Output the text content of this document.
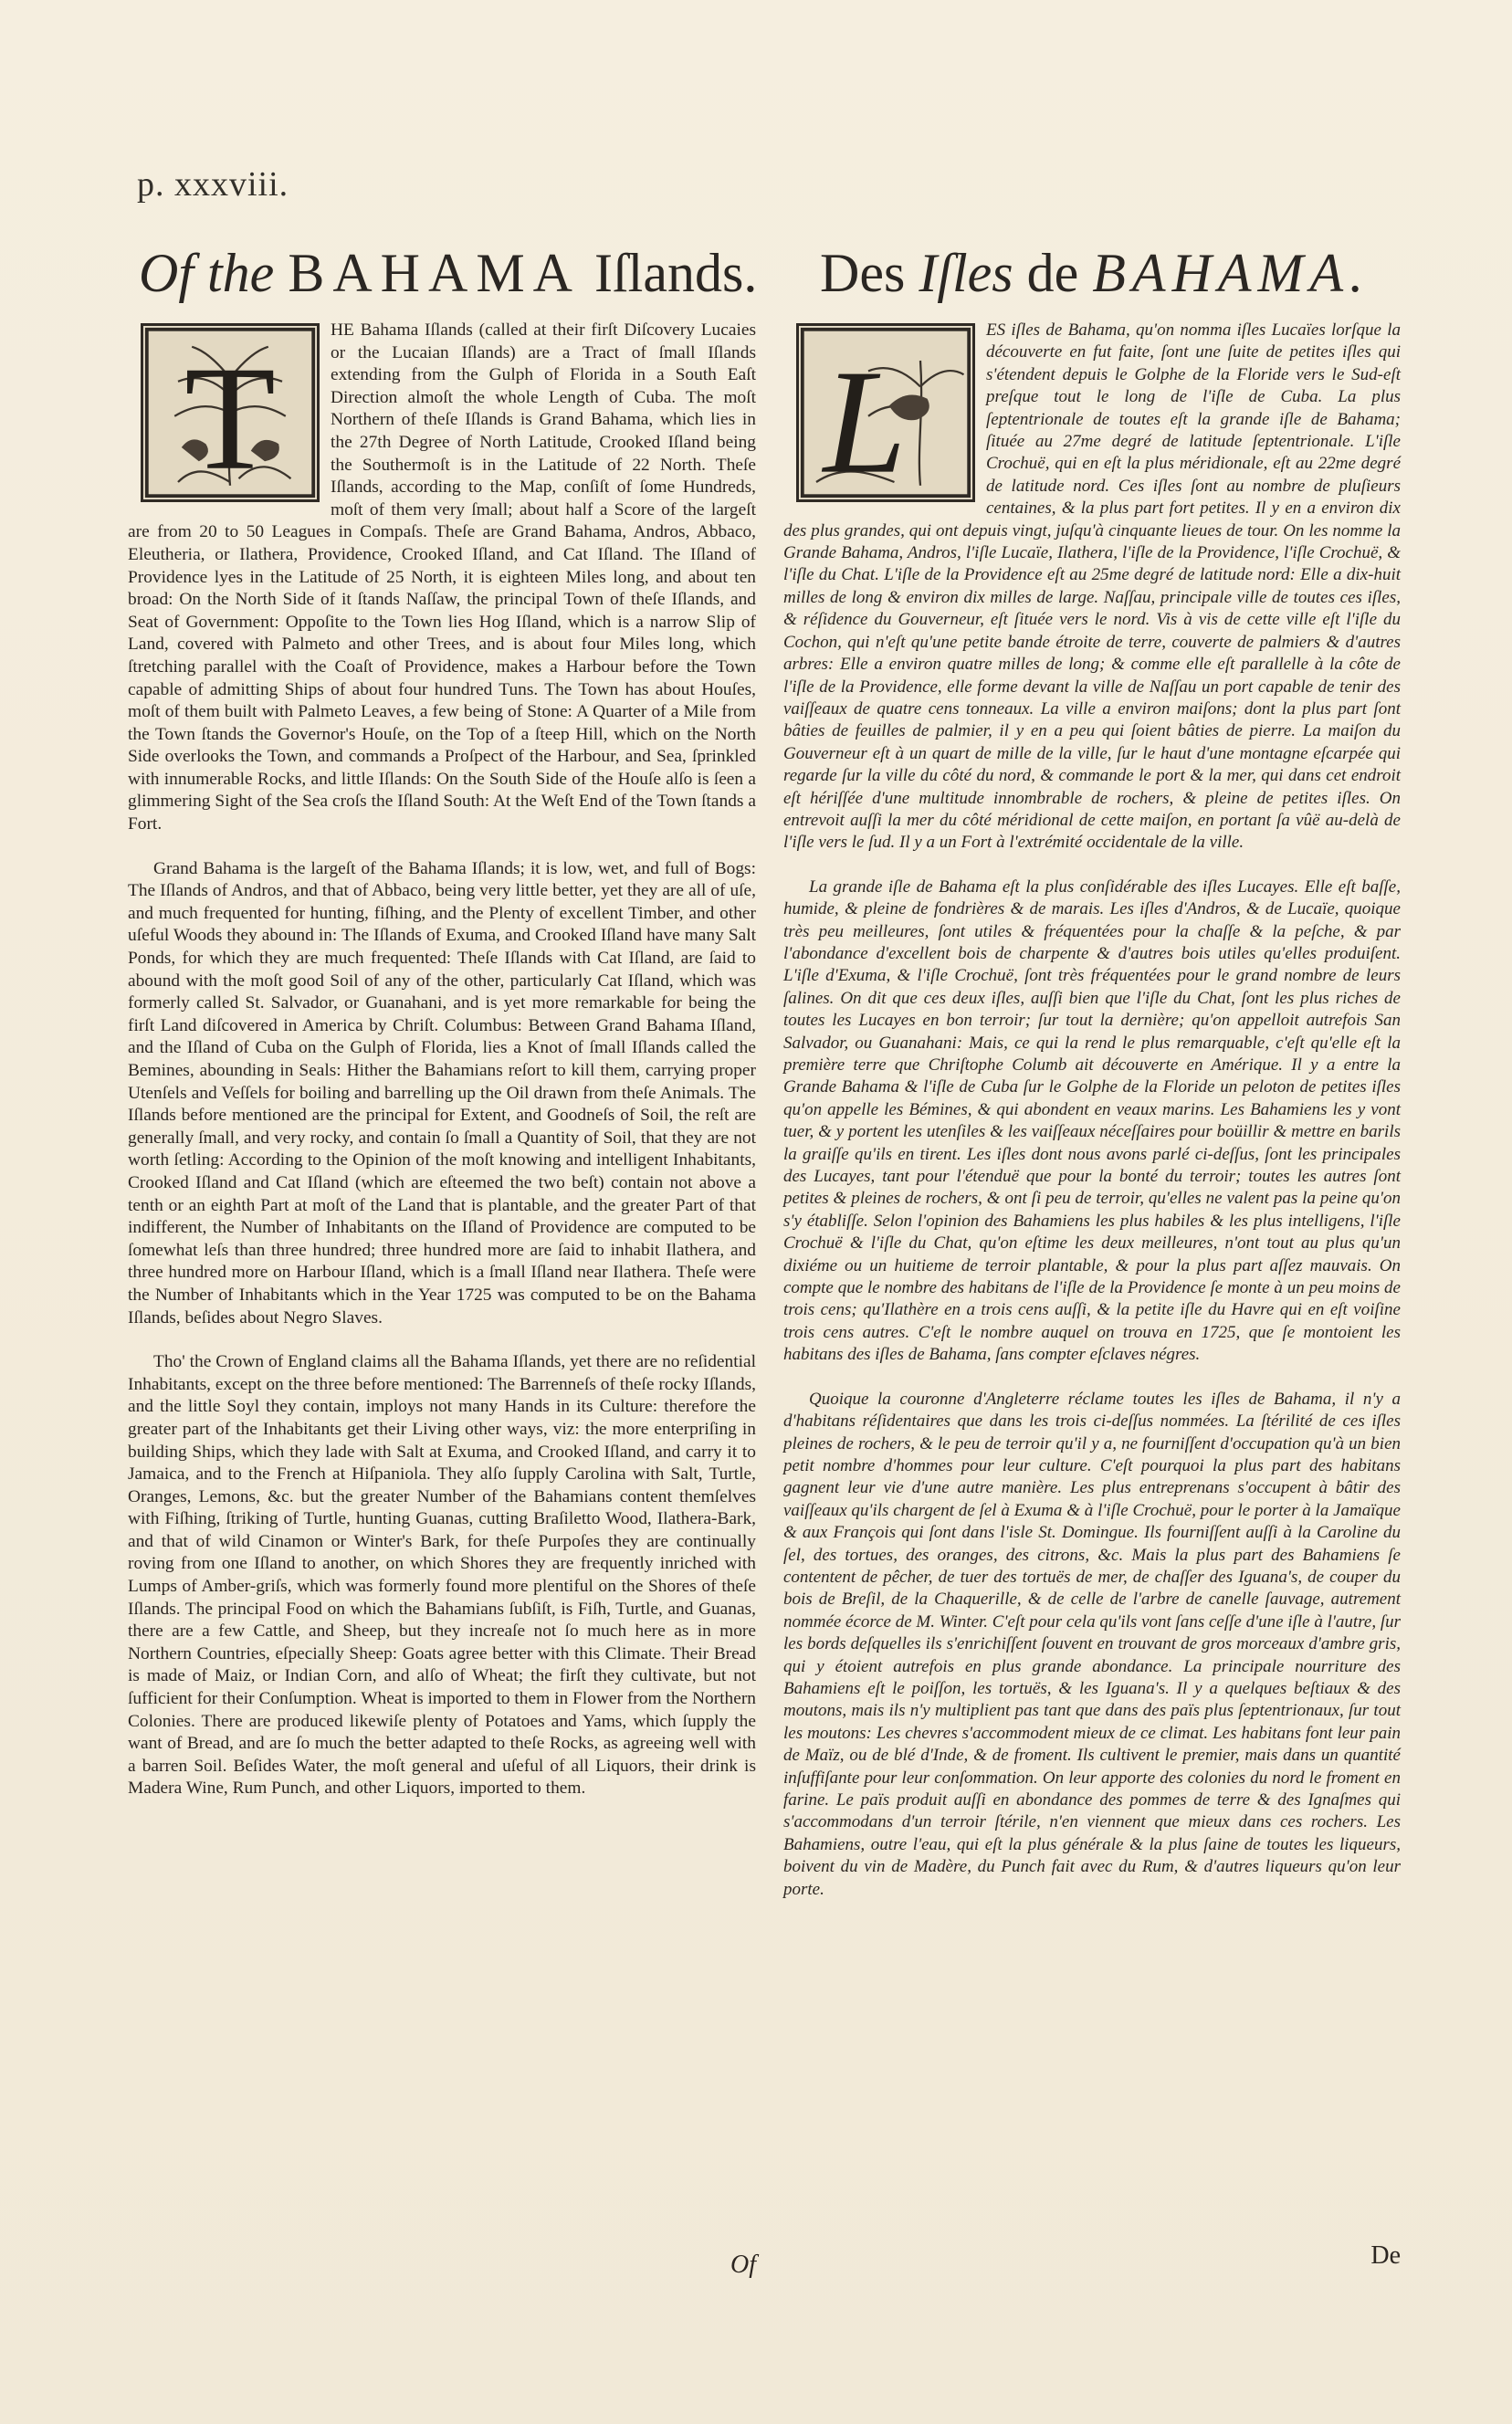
p. xxxviii.
Of the BAHAMA Iſlands.
T

HE Bahama Iſlands (called at their firſt Diſcovery Lucaies or the Lucaian Iſlands) are a Tract of ſmall Iſlands extending from the Gulph of Florida in a South Eaſt Direction almoſt the whole Length of Cuba. The moſt Northern of theſe Iſlands is Grand Bahama, which lies in the 27th Degree of North Latitude, Crooked Iſland being the Southermoſt is in the Latitude of 22 North. Theſe Iſlands, according to the Map, conſiſt of ſome Hundreds, moſt of them very ſmall; about half a Score of the largeſt are from 20 to 50 Leagues in Compaſs. Theſe are Grand Bahama, Andros, Abbaco, Eleutheria, or Ilathera, Providence, Crooked Iſland, and Cat Iſland. The Iſland of Providence lyes in the Latitude of 25 North, it is eighteen Miles long, and about ten broad: On the North Side of it ſtands Naſſaw, the principal Town of theſe Iſlands, and Seat of Government: Oppoſite to the Town lies Hog Iſland, which is a narrow Slip of Land, covered with Palmeto and other Trees, and is about four Miles long, which ſtretching parallel with the Coaſt of Providence, makes a Harbour before the Town capable of admitting Ships of about four hundred Tuns. The Town has about Houſes, moſt of them built with Palmeto Leaves, a few being of Stone: A Quarter of a Mile from the Town ſtands the Governor's Houſe, on the Top of a ſteep Hill, which on the North Side overlooks the Town, and commands a Proſpect of the Harbour, and Sea, ſprinkled with innumerable Rocks, and little Iſlands: On the South Side of the Houſe alſo is ſeen a glimmering Sight of the Sea croſs the Iſland South: At the Weſt End of the Town ſtands a Fort.

Grand Bahama is the largeſt of the Bahama Iſlands; it is low, wet, and full of Bogs: The Iſlands of Andros, and that of Abbaco, being very little better, yet they are all of uſe, and much frequented for hunting, fiſhing, and the Plenty of excellent Timber, and other uſeful Woods they abound in: The Iſlands of Exuma, and Crooked Iſland have many Salt Ponds, for which they are much frequented: Theſe Iſlands with Cat Iſland, are ſaid to abound with the moſt good Soil of any of the other, particularly Cat Iſland, which was formerly called St. Salvador, or Guanahani, and is yet more remarkable for being the firſt Land diſcovered in America by Chriſt. Columbus: Between Grand Bahama Iſland, and the Iſland of Cuba on the Gulph of Florida, lies a Knot of ſmall Iſlands called the Bemines, abounding in Seals: Hither the Bahamians reſort to kill them, carrying proper Utenſels and Veſſels for boiling and barrelling up the Oil drawn from theſe Animals. The Iſlands before mentioned are the principal for Extent, and Goodneſs of Soil, the reſt are generally ſmall, and very rocky, and contain ſo ſmall a Quantity of Soil, that they are not worth ſetling: According to the Opinion of the moſt knowing and intelligent Inhabitants, Crooked Iſland and Cat Iſland (which are eſteemed the two beſt) contain not above a tenth or an eighth Part at moſt of the Land that is plantable, and the greater Part of that indifferent, the Number of Inhabitants on the Iſland of Providence are computed to be ſomewhat leſs than three hundred; three hundred more are ſaid to inhabit Ilathera, and three hundred more on Harbour Iſland, which is a ſmall Iſland near Ilathera. Theſe were the Number of Inhabitants which in the Year 1725 was computed to be on the Bahama Iſlands, beſides about Negro Slaves.

Tho' the Crown of England claims all the Bahama Iſlands, yet there are no reſidential Inhabitants, except on the three before mentioned: The Barrenneſs of theſe rocky Iſlands, and the little Soyl they contain, imploys not many Hands in its Culture: therefore the greater part of the Inhabitants get their Living other ways, viz: the more enterpriſing in building Ships, which they lade with Salt at Exuma, and Crooked Iſland, and carry it to Jamaica, and to the French at Hiſpaniola. They alſo ſupply Carolina with Salt, Turtle, Oranges, Lemons, &c. but the greater Number of the Bahamians content themſelves with Fiſhing, ſtriking of Turtle, hunting Guanas, cutting Braſiletto Wood, Ilathera-Bark, and that of wild Cinamon or Winter's Bark, for theſe Purpoſes they are continually roving from one Iſland to another, on which Shores they are frequently inriched with Lumps of Amber-griſs, which was formerly found more plentiful on the Shores of theſe Iſlands. The principal Food on which the Bahamians ſubſiſt, is Fiſh, Turtle, and Guanas, there are a few Cattle, and Sheep, but they increaſe not ſo much here as in more Northern Countries, eſpecially Sheep: Goats agree better with this Climate. Their Bread is made of Maiz, or Indian Corn, and alſo of Wheat; the firſt they cultivate, but not ſufficient for their Conſumption. Wheat is imported to them in Flower from the Northern Colonies. There are produced likewiſe plenty of Potatoes and Yams, which ſupply the want of Bread, and are ſo much the better adapted to theſe Rocks, as agreeing well with a barren Soil. Beſides Water, the moſt general and uſeful of all Liquors, their drink is Madera Wine, Rum Punch, and other Liquors, imported to them.

Of
Des Iſles de BAHAMA.
L

ES iſles de Bahama, qu'on nomma iſles Lucaïes lorſque la découverte en fut faite, ſont une ſuite de petites iſles qui s'étendent depuis le Golphe de la Floride vers le Sud-eſt preſque tout le long de l'iſle de Cuba. La plus ſeptentrionale de toutes eſt la grande iſle de Bahama; ſituée au 27me degré de latitude ſeptentrionale. L'iſle Crochuë, qui en eſt la plus méridionale, eſt au 22me degré de latitude nord. Ces iſles ſont au nombre de pluſieurs centaines, & la plus part fort petites. Il y en a environ dix des plus grandes, qui ont depuis vingt, juſqu'à cinquante lieues de tour. On les nomme la Grande Bahama, Andros, l'iſle Lucaïe, Ilathera, l'iſle de la Providence, l'iſle Crochuë, & l'iſle du Chat. L'iſle de la Providence eſt au 25me degré de latitude nord: Elle a dix-huit milles de long & environ dix milles de large. Naſſau, principale ville de toutes ces iſles, & réſidence du Gouverneur, eſt ſituée vers le nord. Vis à vis de cette ville eſt l'iſle du Cochon, qui n'eſt qu'une petite bande étroite de terre, couverte de palmiers & d'autres arbres: Elle a environ quatre milles de long; & comme elle eſt parallelle à la côte de l'iſle de la Providence, elle forme devant la ville de Naſſau un port capable de tenir des vaiſſeaux de quatre cens tonneaux. La ville a environ maiſons; dont la plus part ſont bâties de feuilles de palmier, il y en a peu qui ſoient bâties de pierre. La maiſon du Gouverneur eſt à un quart de mille de la ville, ſur le haut d'une montagne eſcarpée qui regarde ſur la ville du côté du nord, & commande le port & la mer, qui dans cet endroit eſt hériſſée d'une multitude innombrable de rochers, & pleine de petites iſles. On entrevoit auſſi la mer du côté méridional de cette maiſon, en portant ſa vûë au-delà de l'iſle vers le ſud. Il y a un Fort à l'extrémité occidentale de la ville.

La grande iſle de Bahama eſt la plus conſidérable des iſles Lucayes. Elle eſt baſſe, humide, & pleine de fondrières & de marais. Les iſles d'Andros, & de Lucaïe, quoique très peu meilleures, ſont utiles & fréquentées pour la chaſſe & la peſche, & par l'abondance d'excellent bois de charpente & d'autres bois utiles qu'elles produiſent. L'iſle d'Exuma, & l'iſle Crochuë, ſont très fréquentées pour le grand nombre de leurs ſalines. On dit que ces deux iſles, auſſi bien que l'iſle du Chat, ſont les plus riches de toutes les Lucayes en bon terroir; ſur tout la dernière; qu'on appelloit autrefois San Salvador, ou Guanahani: Mais, ce qui la rend le plus remarquable, c'eſt qu'elle eſt la première terre que Chriſtophe Columb ait découverte en Amérique. Il y a entre la Grande Bahama & l'iſle de Cuba ſur le Golphe de la Floride un peloton de petites iſles qu'on appelle les Bémines, & qui abondent en veaux marins. Les Bahamiens les y vont tuer, & y portent les utenſiles & les vaiſſeaux néceſſaires pour boüillir & mettre en barils la graiſſe qu'ils en tirent. Les iſles dont nous avons parlé ci-deſſus, ſont les principales des Lucayes, tant pour l'étenduë que pour la bonté du terroir; toutes les autres ſont petites & pleines de rochers, & ont ſi peu de terroir, qu'elles ne valent pas la peine qu'on s'y établiſſe. Selon l'opinion des Bahamiens les plus habiles & les plus intelligens, l'iſle Crochuë & l'iſle du Chat, qu'on eſtime les deux meilleures, n'ont tout au plus qu'un dixiéme ou un huitieme de terroir plantable, & pour la plus part aſſez mauvais. On compte que le nombre des habitans de l'iſle de la Providence ſe monte à un peu moins de trois cens; qu'Ilathère en a trois cens auſſi, & la petite iſle du Havre qui en eſt voiſine trois cens autres. C'eſt le nombre auquel on trouva en 1725, que ſe montoient les habitans des iſles de Bahama, ſans compter eſclaves négres.

Quoique la couronne d'Angleterre réclame toutes les iſles de Bahama, il n'y a d'habitans réſidentaires que dans les trois ci-deſſus nommées. La ſtérilité de ces iſles pleines de rochers, & le peu de terroir qu'il y a, ne fourniſſent d'occupation qu'à un bien petit nombre d'hommes pour leur culture. C'eſt pourquoi la plus part des habitans gagnent leur vie d'une autre manière. Les plus entreprenans s'occupent à bâtir des vaiſſeaux qu'ils chargent de ſel à Exuma & à l'iſle Crochuë, pour le porter à la Jamaïque & aux François qui ſont dans l'isle St. Domingue. Ils fourniſſent auſſi à la Caroline du ſel, des tortues, des oranges, des citrons, &c. Mais la plus part des Bahamiens ſe contentent de pêcher, de tuer des tortuës de mer, de chaſſer des Iguana's, de couper du bois de Breſil, de la Chaquerille, & de celle de l'arbre de canelle ſauvage, autrement nommée écorce de M. Winter. C'eſt pour cela qu'ils vont ſans ceſſe d'une iſle à l'autre, ſur les bords deſquelles ils s'enrichiſſent ſouvent en trouvant de gros morceaux d'ambre gris, qui y étoient autrefois en plus grande abondance. La principale nourriture des Bahamiens eſt le poiſſon, les tortuës, & les Iguana's. Il y a quelques beſtiaux & des moutons, mais ils n'y multiplient pas tant que dans des païs plus ſeptentrionaux, ſur tout les moutons: Les chevres s'accommodent mieux de ce climat. Les habitans font leur pain de Maïz, ou de blé d'Inde, & de froment. Ils cultivent le premier, mais dans un quantité inſuffiſante pour leur conſommation. On leur apporte des colonies du nord le froment en farine. Le païs produit auſſi en abondance des pommes de terre & des Ignaſmes qui s'accommodans d'un terroir ſtérile, n'en viennent que mieux dans ces rochers. Les Bahamiens, outre l'eau, qui eſt la plus générale & la plus ſaine de toutes les liqueurs, boivent du vin de Madère, du Punch fait avec du Rum, & d'autres liqueurs qu'on leur porte.

De
